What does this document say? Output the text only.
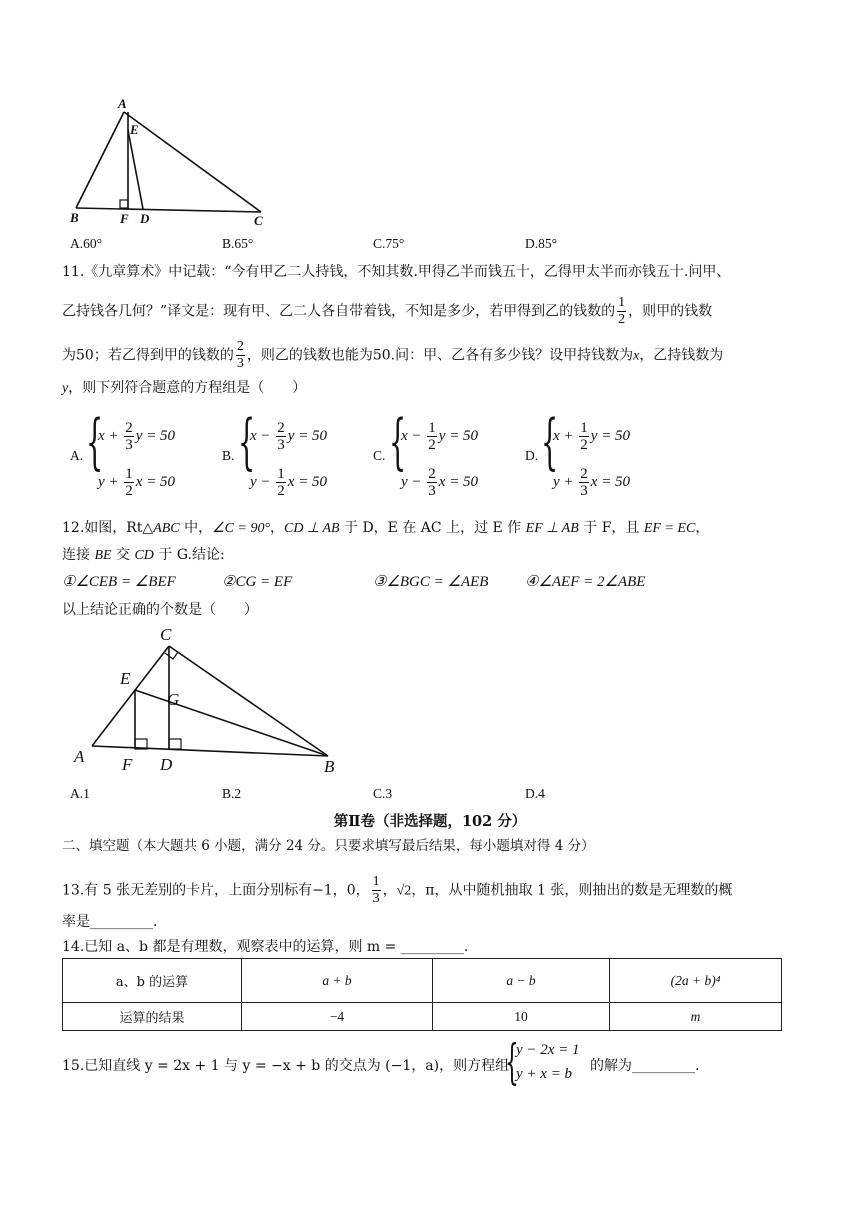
A
E
B	F D	C
A.60°	B.65°	C.75°	D.85°
11.《九章算术》中记载：“今有甲乙二人持钱，不知其数.甲得乙半而钱五十，乙得甲太半而亦钱五十.问甲、
乙持钱各几何？”译文是：现有甲、乙二人各自带着钱，不知是多少，若甲得到乙的钱数的 $\frac{1}{2}$ ，则甲的钱数
为50；若乙得到甲的钱数的 $\frac{2}{3}$ ，则乙的钱数也能为50.问：甲、乙各有多少钱？设甲持钱数为x，乙持钱数为
y，则下列符合题意的方程组是（　　）
A. {
$x + \frac{2}{3}$ y = 50
$y + \frac{1}{2}$ x = 50
B. {
$x - \frac{2}{3}$ y = 50
$y - \frac{1}{2}$ x = 50
C. {
$x - \frac{1}{2}$ y = 50
$y - \frac{2}{3}$ x = 50
D. {
$x + \frac{1}{2}$ y = 50
$y + \frac{2}{3}$ x = 50
12.如图，Rt△ABC 中，∠C = 90°，CD ⊥ AB 于 D，E 在 AC 上，过 E 作 EF ⊥ AB 于 F，且 EF = EC，
连接 BE 交 CD 于 G.结论:
①∠CEB = ∠BEF	②CG = EF	③∠BGC = ∠AEB ④∠AEF = 2∠ABE
以上结论正确的个数是（　　）
C
E
G
A F D	B
A.1	B.2	C.3	D.4
第Ⅱ卷（非选择题，102 分）
二、填空题（本大题共 6 小题，满分 24 分。只要求填写最后结果，每小题填对得 4 分）
13.有 5 张无差别的卡片，上面分别标有−1，0， $\frac{1}{3}$ ，√2，π，从中随机抽取 1 张，则抽出的数是无理数的概
率是_________.
14.已知 a、b 都是有理数，观察表中的运算，则 m = _________.
a、b 的运算	a + b	a − b	(2a + b)⁴
运算的结果	−4	10	m
15.已知直线 y = 2x + 1 与 y = −x + b 的交点为 (−1，a)，则方程组
{
y − 2x = 1
y + x = b 的解为_________.
